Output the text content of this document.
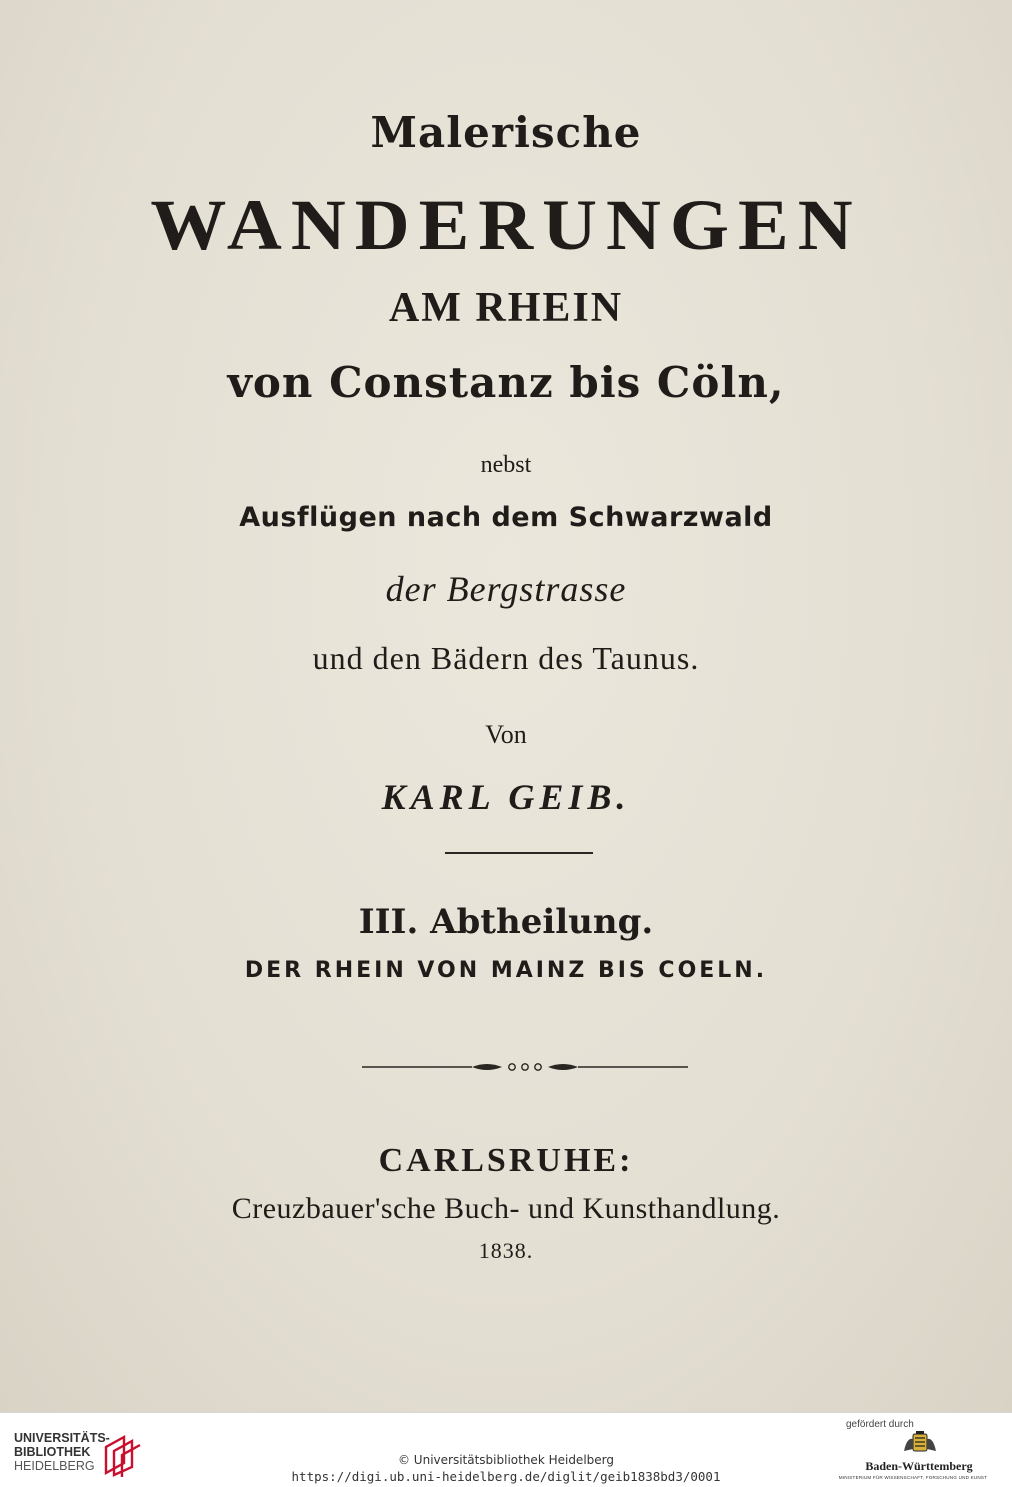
Malerische
WANDERUNGEN
AM RHEIN
von Constanz bis Cöln,
nebst
Ausflügen nach dem Schwarzwald
der Bergstrasse
und den Bädern des Taunus.
Von
KARL GEIB.
III. Abtheilung.
DER RHEIN VON MAINZ BIS COELN.
CARLSRUHE:
Creuzbauer'sche Buch- und Kunsthandlung.
1838.
UNIVERSITÄTS-
BIBLIOTHEK
HEIDELBERG	© Universitätsbibliothek Heidelberg
https://digi.ub.uni-heidelberg.de/diglit/geib1838bd3/0001
gefördert durch
Baden-Württemberg
MINISTERIUM FÜR WISSENSCHAFT, FORSCHUNG UND KUNST
